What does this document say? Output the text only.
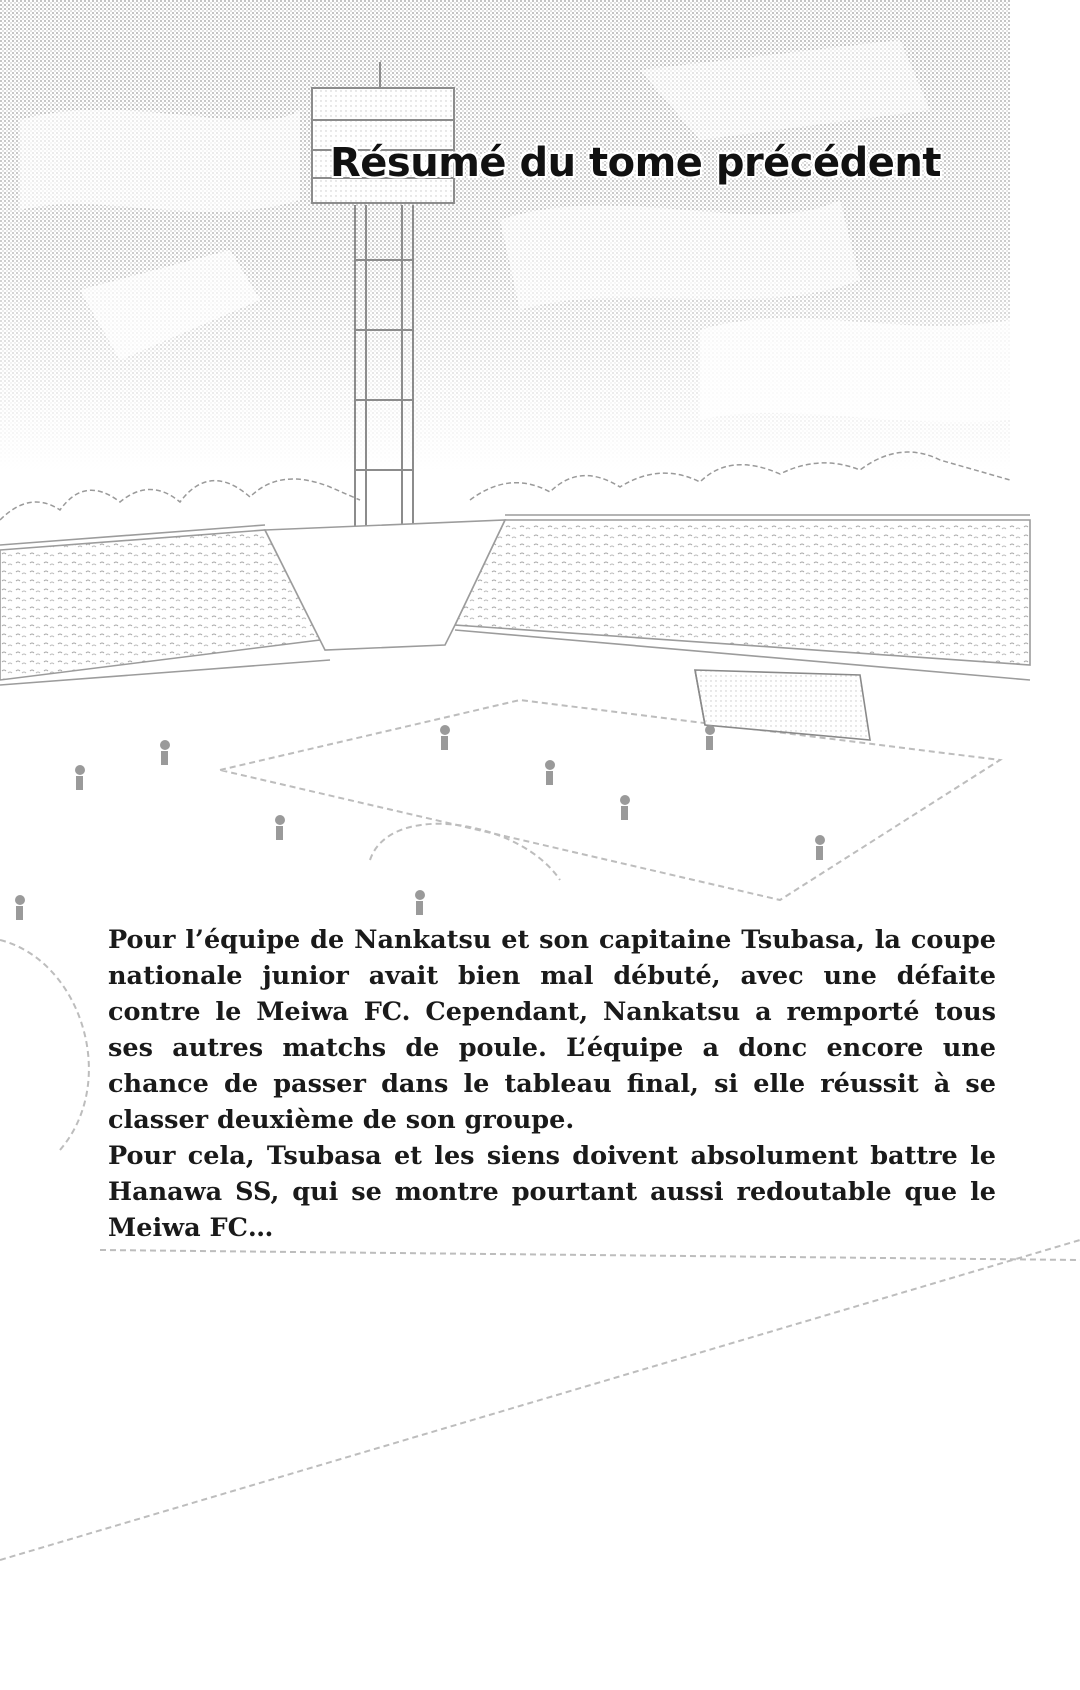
Résumé du tome précédent

Pour l’équipe de Nankatsu et son capitaine Tsubasa, la coupe nationale junior avait bien mal débuté, avec une défaite contre le Meiwa FC. Cependant, Nankatsu a remporté tous ses autres matchs de poule. L’équipe a donc encore une chance de passer dans le tableau final, si elle réussit à se classer deuxième de son groupe.

Pour cela, Tsubasa et les siens doivent absolument battre le Hanawa SS, qui se montre pourtant aussi redoutable que le Meiwa FC…
